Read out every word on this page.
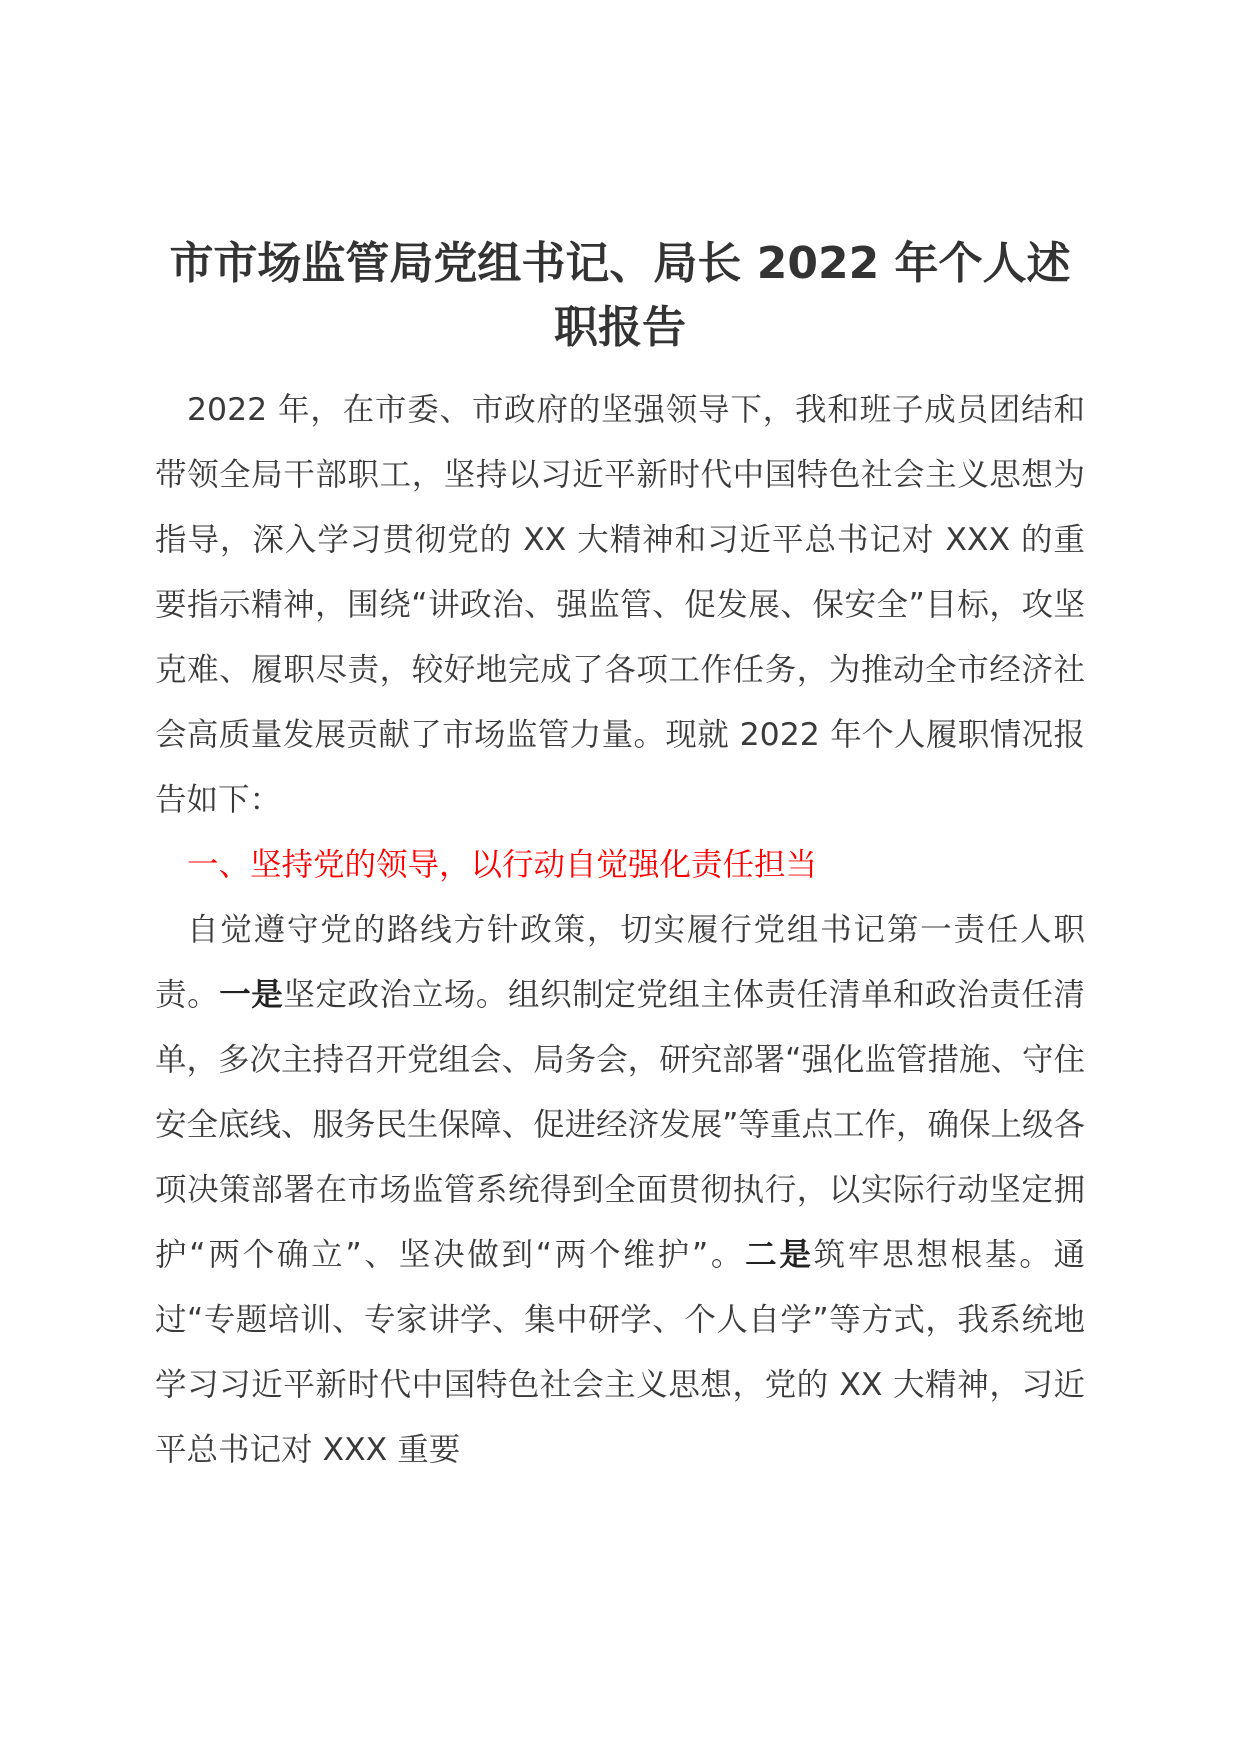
市市场监管局党组书记、局长 2022 年个人述职报告

2022 年，在市委、市政府的坚强领导下，我和班子成员团结和带领全局干部职工，坚持以习近平新时代中国特色社会主义思想为指导，深入学习贯彻党的 XX 大精神和习近平总书记对 XXX 的重要指示精神，围绕“讲政治、强监管、促发展、保安全”目标，攻坚克难、履职尽责，较好地完成了各项工作任务，为推动全市经济社会高质量发展贡献了市场监管力量。现就 2022 年个人履职情况报告如下：

一、坚持党的领导，以行动自觉强化责任担当

自觉遵守党的路线方针政策，切实履行党组书记第一责任人职责。一是坚定政治立场。组织制定党组主体责任清单和政治责任清单，多次主持召开党组会、局务会，研究部署“强化监管措施、守住安全底线、服务民生保障、促进经济发展”等重点工作，确保上级各项决策部署在市场监管系统得到全面贯彻执行，以实际行动坚定拥护“两个确立”、坚决做到“两个维护”。二是筑牢思想根基。通过“专题培训、专家讲学、集中研学、个人自学”等方式，我系统地学习习近平新时代中国特色社会主义思想，党的 XX 大精神，习近平总书记对 XXX 重要
